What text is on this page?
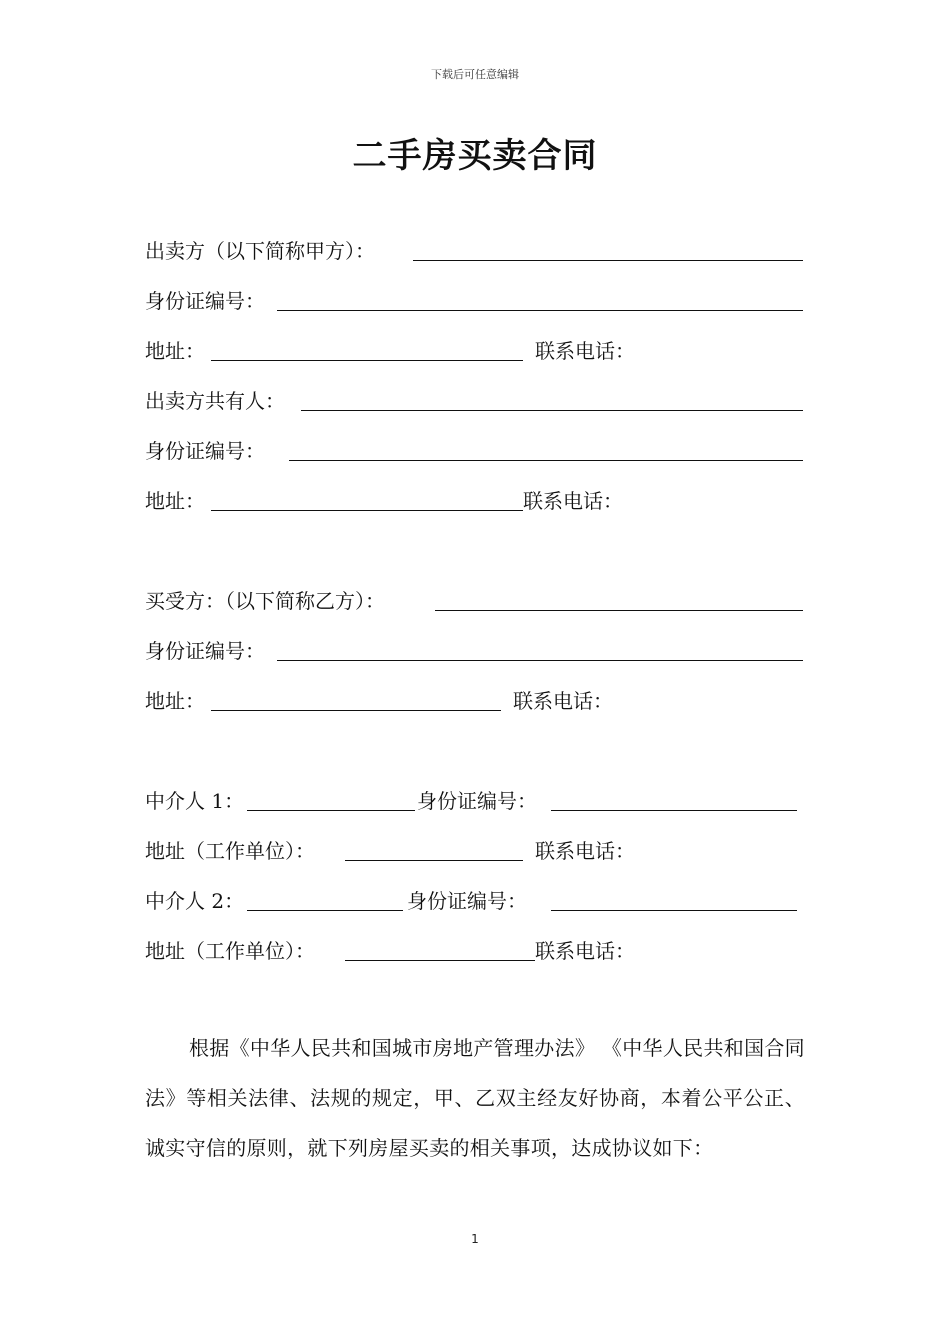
下载后可任意编辑
二手房买卖合同
出卖方（以下简称甲方）：
身份证编号：
地址：	联系电话：
出卖方共有人：
身份证编号：
地址：	联系电话：
买受方：（以下简称乙方）：
身份证编号：
地址：	联系电话：
中介人 1：	身份证编号：
地址（工作单位）：	联系电话：
中介人 2：	身份证编号：
地址（工作单位）：	联系电话：

根据《中华人民共和国城市房地产管理办法》 《中华人民共和国合同法》等相关法律、法规的规定，甲、乙双主经友好协商，本着公平公正、诚实守信的原则，就下列房屋买卖的相关事项，达成协议如下：

1
